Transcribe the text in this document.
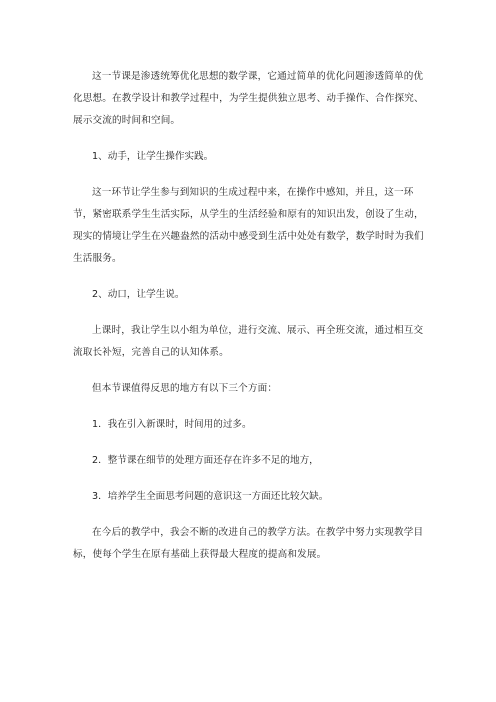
这一节课是渗透统筹优化思想的数学课，它通过简单的优化问题渗透简单的优化思想。在教学设计和教学过程中，为学生提供独立思考、动手操作、合作探究、展示交流的时间和空间。

1、动手，让学生操作实践。

这一环节让学生参与到知识的生成过程中来，在操作中感知，并且，这一环节，紧密联系学生生活实际，从学生的生活经验和原有的知识出发，创设了生动，现实的情境让学生在兴趣盎然的活动中感受到生活中处处有数学，数学时时为我们生活服务。

2、动口，让学生说。

上课时，我让学生以小组为单位，进行交流、展示、再全班交流，通过相互交流取长补短，完善自己的认知体系。

但本节课值得反思的地方有以下三个方面：

1．我在引入新课时，时间用的过多。

2．整节课在细节的处理方面还存在许多不足的地方，

3．培养学生全面思考问题的意识这一方面还比较欠缺。

在今后的教学中，我会不断的改进自己的教学方法。在教学中努力实现教学目标，使每个学生在原有基础上获得最大程度的提高和发展。
